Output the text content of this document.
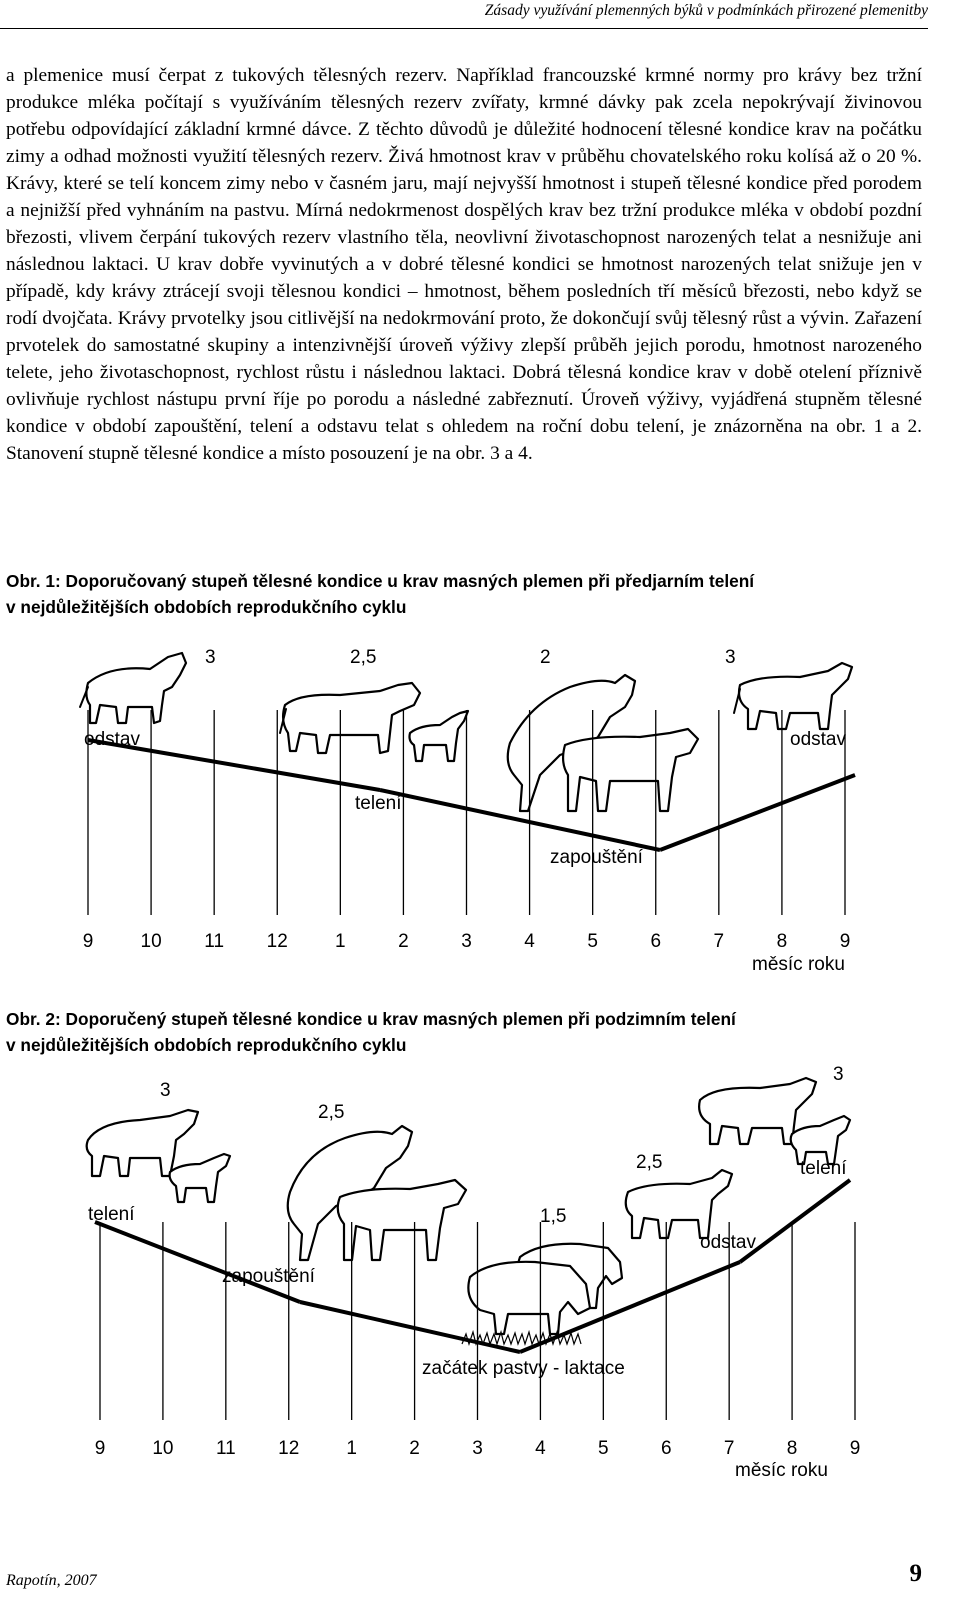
Zásady využívání plemenných býků v podmínkách přirozené plemenitby

a plemenice musí čerpat z tukových tělesných rezerv. Například francouzské krmné normy pro krávy bez tržní produkce mléka počítají s využíváním tělesných rezerv zvířaty, krmné dávky pak zcela nepokrývají živinovou potřebu odpovídající základní krmné dávce. Z těchto důvodů je důležité hodnocení tělesné kondice krav na počátku zimy a odhad možnosti využití tělesných rezerv. Živá hmotnost krav v průběhu chovatelského roku kolísá až o 20 %. Krávy, které se telí koncem zimy nebo v časném jaru, mají nejvyšší hmotnost i stupeň tělesné kondice před porodem a nejnižší před vyhnáním na pastvu. Mírná nedokrmenost dospělých krav bez tržní produkce mléka v období pozdní březosti, vlivem čerpání tukových rezerv vlastního těla, neovlivní životaschopnost narozených telat a nesnižuje ani následnou laktaci. U krav dobře vyvinutých a v dobré tělesné kondici se hmotnost narozených telat snižuje jen v případě, kdy krávy ztrácejí svoji tělesnou kondici – hmotnost, během posledních tří měsíců březosti, nebo když se rodí dvojčata. Krávy prvotelky jsou citlivější na nedokrmování proto, že dokončují svůj tělesný růst a vývin. Zařazení prvotelek do samostatné skupiny a intenzivnější úroveň výživy zlepší průběh jejich porodu, hmotnost narozeného telete, jeho životaschopnost, rychlost růstu i následnou laktaci. Dobrá tělesná kondice krav v době otelení příznivě ovlivňuje rychlost nástupu první říje po porodu a následné zabřeznutí. Úroveň výživy, vyjádřená stupněm tělesné kondice v období zapouštění, telení a odstavu telat s ohledem na roční dobu telení, je znázorněna na obr. 1 a 2. Stanovení stupně tělesné kondice a místo posouzení je na obr. 3 a 4.

Obr. 1: Doporučovaný stupeň tělesné kondice u krav masných plemen při předjarním telení
v nejdůležitějších obdobích reprodukčního cyklu
3	2,5	2	3
odstav
telení
zapouštění
odstav
9 10 11 12 1	2	3	4	5	6	7	8	9
měsíc roku
Obr. 2: Doporučený stupeň tělesné kondice u krav masných plemen při podzimním telení
v nejdůležitějších obdobích reprodukčního cyklu
3
2,5
1,5
2,5
3
telení
zapouštění
začátek pastvy - laktace
odstav
telení
9 10 11 12 1	2	3	4	5	6	7	8	9
měsíc roku
Rapotín, 2007	9
